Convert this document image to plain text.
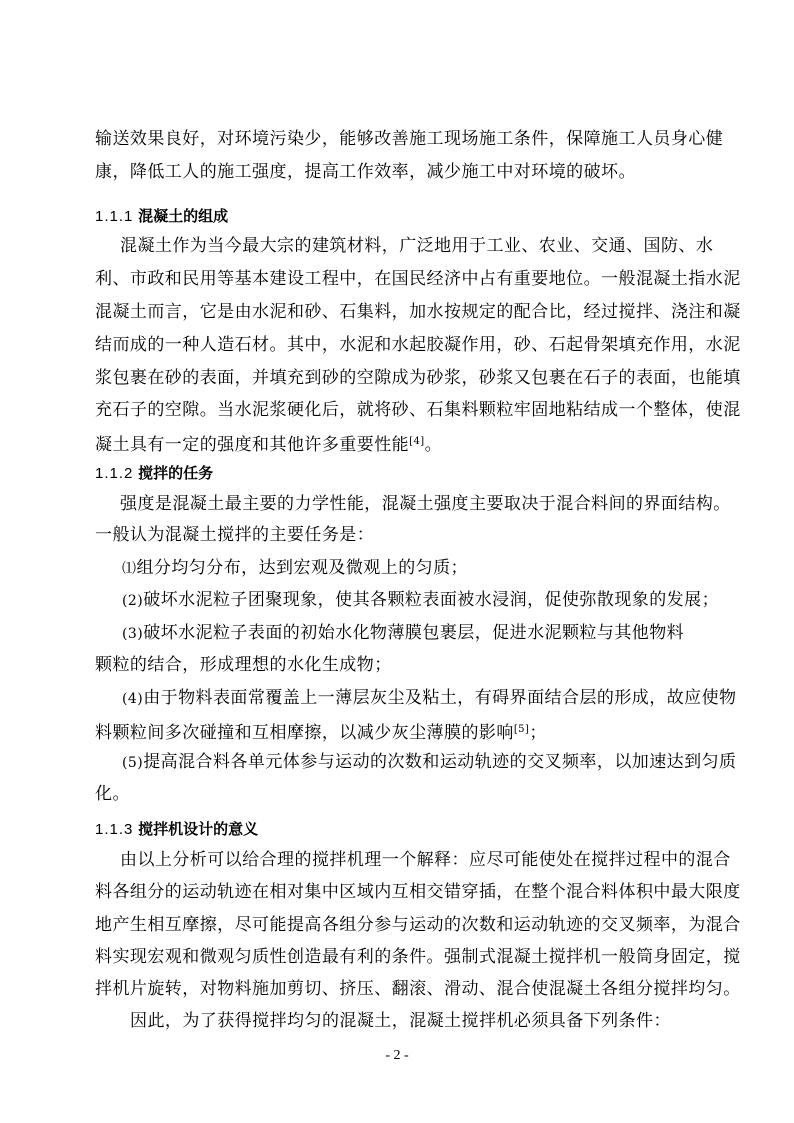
输送效果良好，对环境污染少，能够改善施工现场施工条件，保障施工人员身心健
康，降低工人的施工强度，提高工作效率，减少施工中对环境的破坏。
1.1.1 混凝土的组成
混凝土作为当今最大宗的建筑材料，广泛地用于工业、农业、交通、国防、水
利、市政和民用等基本建设工程中，在国民经济中占有重要地位。一般混凝土指水泥
混凝土而言，它是由水泥和砂、石集料，加水按规定的配合比，经过搅拌、浇注和凝
结而成的一种人造石材。其中，水泥和水起胶凝作用，砂、石起骨架填充作用，水泥
浆包裹在砂的表面，并填充到砂的空隙成为砂浆，砂浆又包裹在石子的表面，也能填
充石子的空隙。当水泥浆硬化后，就将砂、石集料颗粒牢固地粘结成一个整体，使混
凝土具有一定的强度和其他许多重要性能[4]。
1.1.2 搅拌的任务
强度是混凝土最主要的力学性能，混凝土强度主要取决于混合料间的界面结构。
一般认为混凝土搅拌的主要任务是：
⑴组分均匀分布，达到宏观及微观上的匀质；
(2)破坏水泥粒子团聚现象，使其各颗粒表面被水浸润，促使弥散现象的发展；
(3)破坏水泥粒子表面的初始水化物薄膜包裹层，促进水泥颗粒与其他物料
颗粒的结合，形成理想的水化生成物；
(4)由于物料表面常覆盖上一薄层灰尘及粘土，有碍界面结合层的形成，故应使物
料颗粒间多次碰撞和互相摩擦，以减少灰尘薄膜的影响[5]；
(5)提高混合料各单元体参与运动的次数和运动轨迹的交叉频率，以加速达到匀质
化。
1.1.3 搅拌机设计的意义
由以上分析可以给合理的搅拌机理一个解释：应尽可能使处在搅拌过程中的混合
料各组分的运动轨迹在相对集中区域内互相交错穿插，在整个混合料体积中最大限度
地产生相互摩擦，尽可能提高各组分参与运动的次数和运动轨迹的交叉频率，为混合
料实现宏观和微观匀质性创造最有利的条件。强制式混凝土搅拌机一般筒身固定，搅
拌机片旋转，对物料施加剪切、挤压、翻滚、滑动、混合使混凝土各组分搅拌均匀。
因此，为了获得搅拌均匀的混凝土，混凝土搅拌机必须具备下列条件：
- 2 -
